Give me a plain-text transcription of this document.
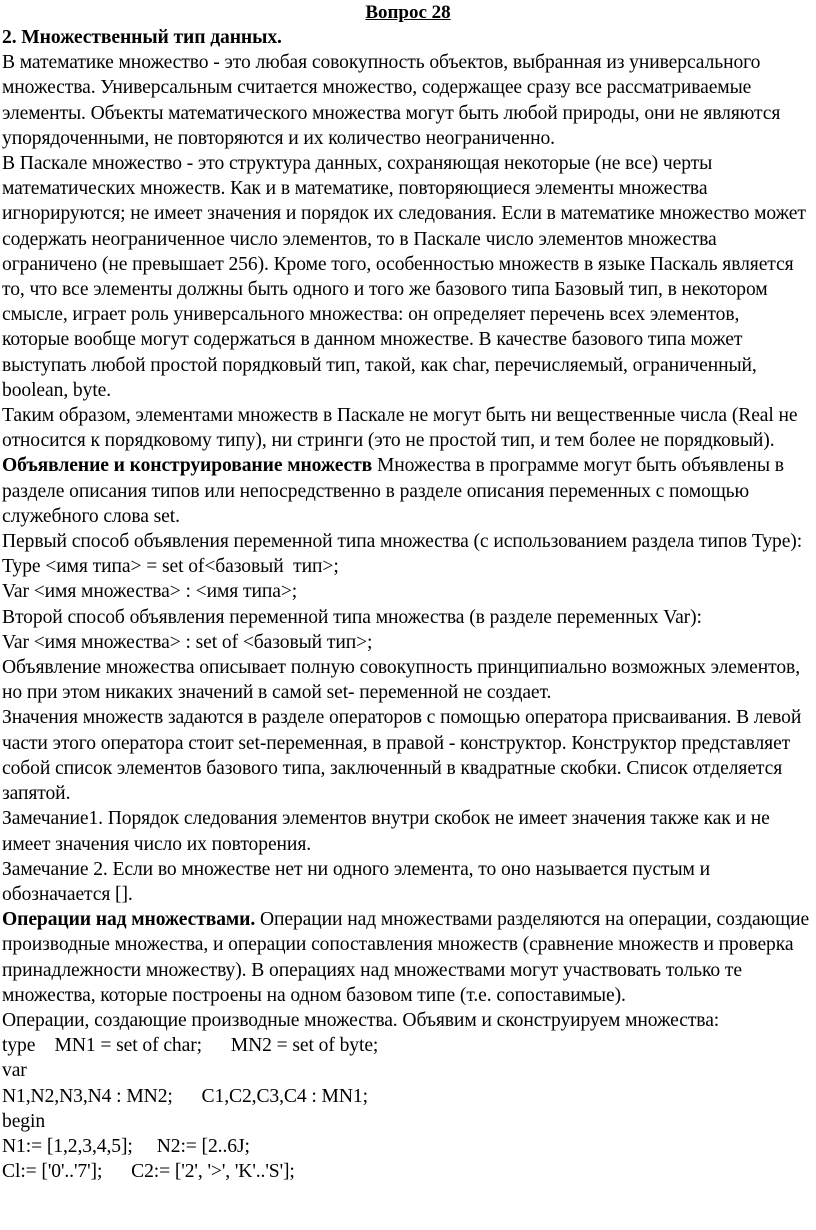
Вопрос 28

2. Множественный тип данных.

В математике множество - это любая совокупность объектов, выбранная из универсального множества. Универсальным считается множество, содержащее сразу все рассматриваемые элементы. Объекты математического множества могут быть любой природы, они не являются упорядоченными, не повторяются и их количество неограниченно.

В Паскале множество - это структура данных, сохраняющая некоторые (не все) черты математических множеств. Как и в математике, повторяющиеся элементы множества игнорируются; не имеет значения и порядок их следования. Если в математике множество может содержать неограниченное число элементов, то в Паскале число элементов множества ограничено (не превышает 256). Кроме того, особенностью множеств в языке Паскаль является то, что все элементы должны быть одного и того же базового типа Базовый тип, в некотором смысле, играет роль универсального множества: он определяет перечень всех элементов, которые вообще могут содержаться в данном множестве. В качестве базового типа может выступать любой простой порядковый тип, такой, как char, перечисляемый, ограниченный, boolean, byte.

Таким образом, элементами множеств в Паскале не могут быть ни вещественные числа (Real не относится к порядковому типу), ни стринги (это не простой тип, и тем более не порядковый).

Объявление и конструирование множеств Множества в программе могут быть объявлены в разделе описания типов или непосредственно в разделе описания переменных с помощью служебного слова set.

Первый способ объявления переменной типа множества (с использованием раздела типов Type):

Type <имя типа> = set of<базовый  тип>;
Var <имя множества> : <имя типа>;

Второй способ объявления переменной типа множества (в разделе переменных Var):

Var <имя множества> : set of <базовый тип>;

Объявление множества описывает полную совокупность принципиально возможных элементов, но при этом никаких значений в самой set- переменной не создает.

Значения множеств задаются в разделе операторов с помощью оператора присваивания. В левой части этого оператора стоит set-переменная, в правой - конструктор. Конструктор представляет собой список элементов базового типа, заключенный в квадратные скобки. Список отделяется запятой.

Замечание1. Порядок следования элементов внутри скобок не имеет значения также как и не имеет значения число их повторения.

Замечание 2. Если во множестве нет ни одного элемента, то оно называется пустым и обозначается [].

Операции над множествами. Операции над множествами разделяются на операции, создающие производные множества, и операции сопоставления множеств (сравнение множеств и проверка принадлежности множеству). В операциях над множествами могут участвовать только те множества, которые построены на одном базовом типе (т.е. сопоставимые).

Операции, создающие производные множества. Объявим и сконструируем множества:

type    MN1 = set of char;      MN2 = set of byte;
var
N1,N2,N3,N4 : MN2;      C1,C2,C3,C4 : MN1;
begin
N1:= [1,2,3,4,5];     N2:= [2..6J;
Cl:= ['0'..'7'];      C2:= ['2', '>', 'K'..'S'];
